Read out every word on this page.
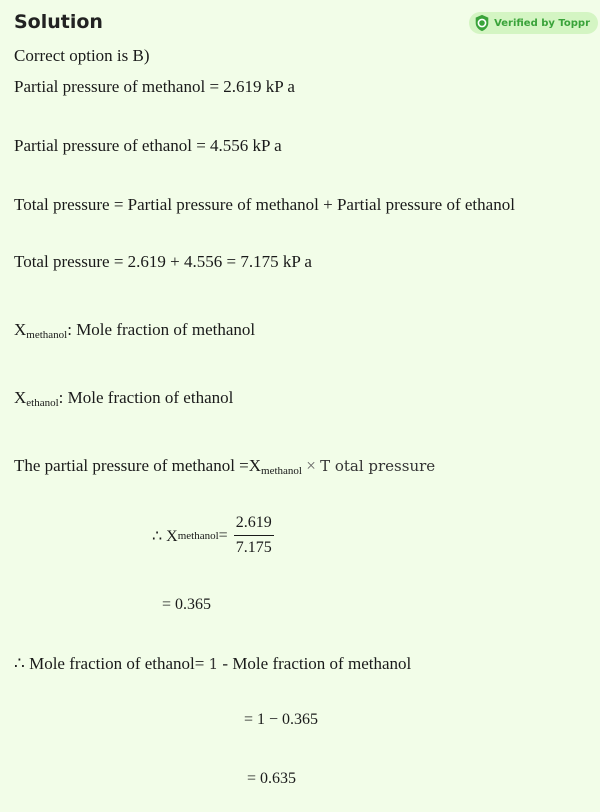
Solution	Verified by Toppr
Correct option is B)
Partial pressure of methanol = 2.619 kP a
Partial pressure of ethanol = 4.556 kP a
Total pressure = Partial pressure of methanol + Partial pressure of ethanol
Total pressure = 2.619 + 4.556 = 7.175 kP a
$X_{methanol}$: Mole fraction of methanol
$X_{ethanol}$: Mole fraction of ethanol
The partial pressure of methanol $=X_{methanol} \times T$ otal pressure
∴ X methanol = $\frac{2.619}{7.175}$
= 0.365
∴ Mole fraction of ethanol= 1 - Mole fraction of methanol
= 1 − 0.365
= 0.635
